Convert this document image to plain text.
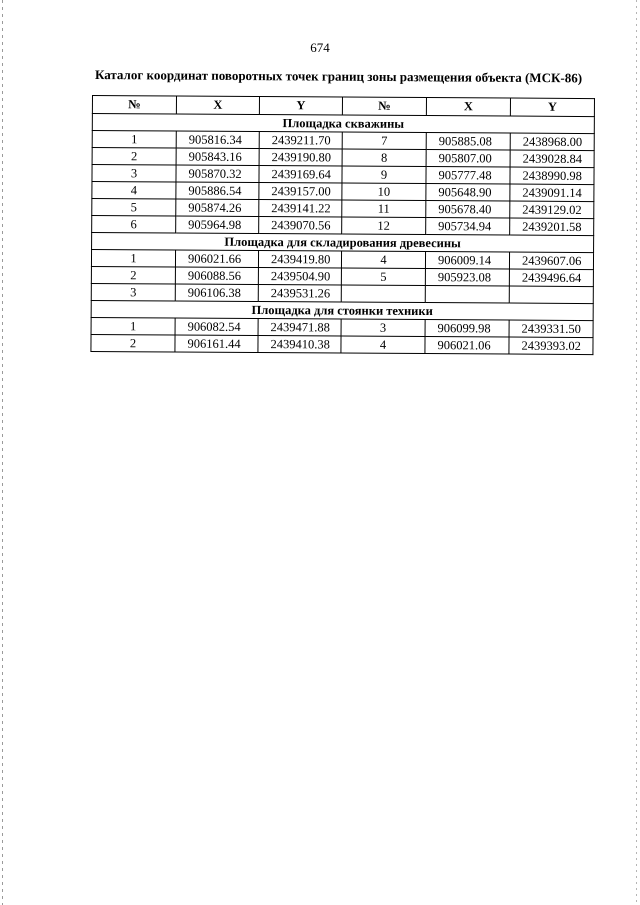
674
Каталог координат поворотных точек границ зоны размещения объекта (МСК-86)
№	X	Y	№	X	Y
Площадка скважины					
1	905816.34	2439211.70	7	905885.08	2438968.00
2	905843.16	2439190.80	8	905807.00	2439028.84
3	905870.32	2439169.64	9	905777.48	2438990.98
4	905886.54	2439157.00	10	905648.90	2439091.14
5	905874.26	2439141.22	11	905678.40	2439129.02
6	905964.98	2439070.56	12	905734.94	2439201.58
Площадка для складирования древесины					
1	906021.66	2439419.80	4	906009.14	2439607.06
2	906088.56	2439504.90	5	905923.08	2439496.64
3	906106.38	2439531.26			
Площадка для стоянки техники					
1	906082.54	2439471.88	3	906099.98	2439331.50
2	906161.44	2439410.38	4	906021.06	2439393.02
